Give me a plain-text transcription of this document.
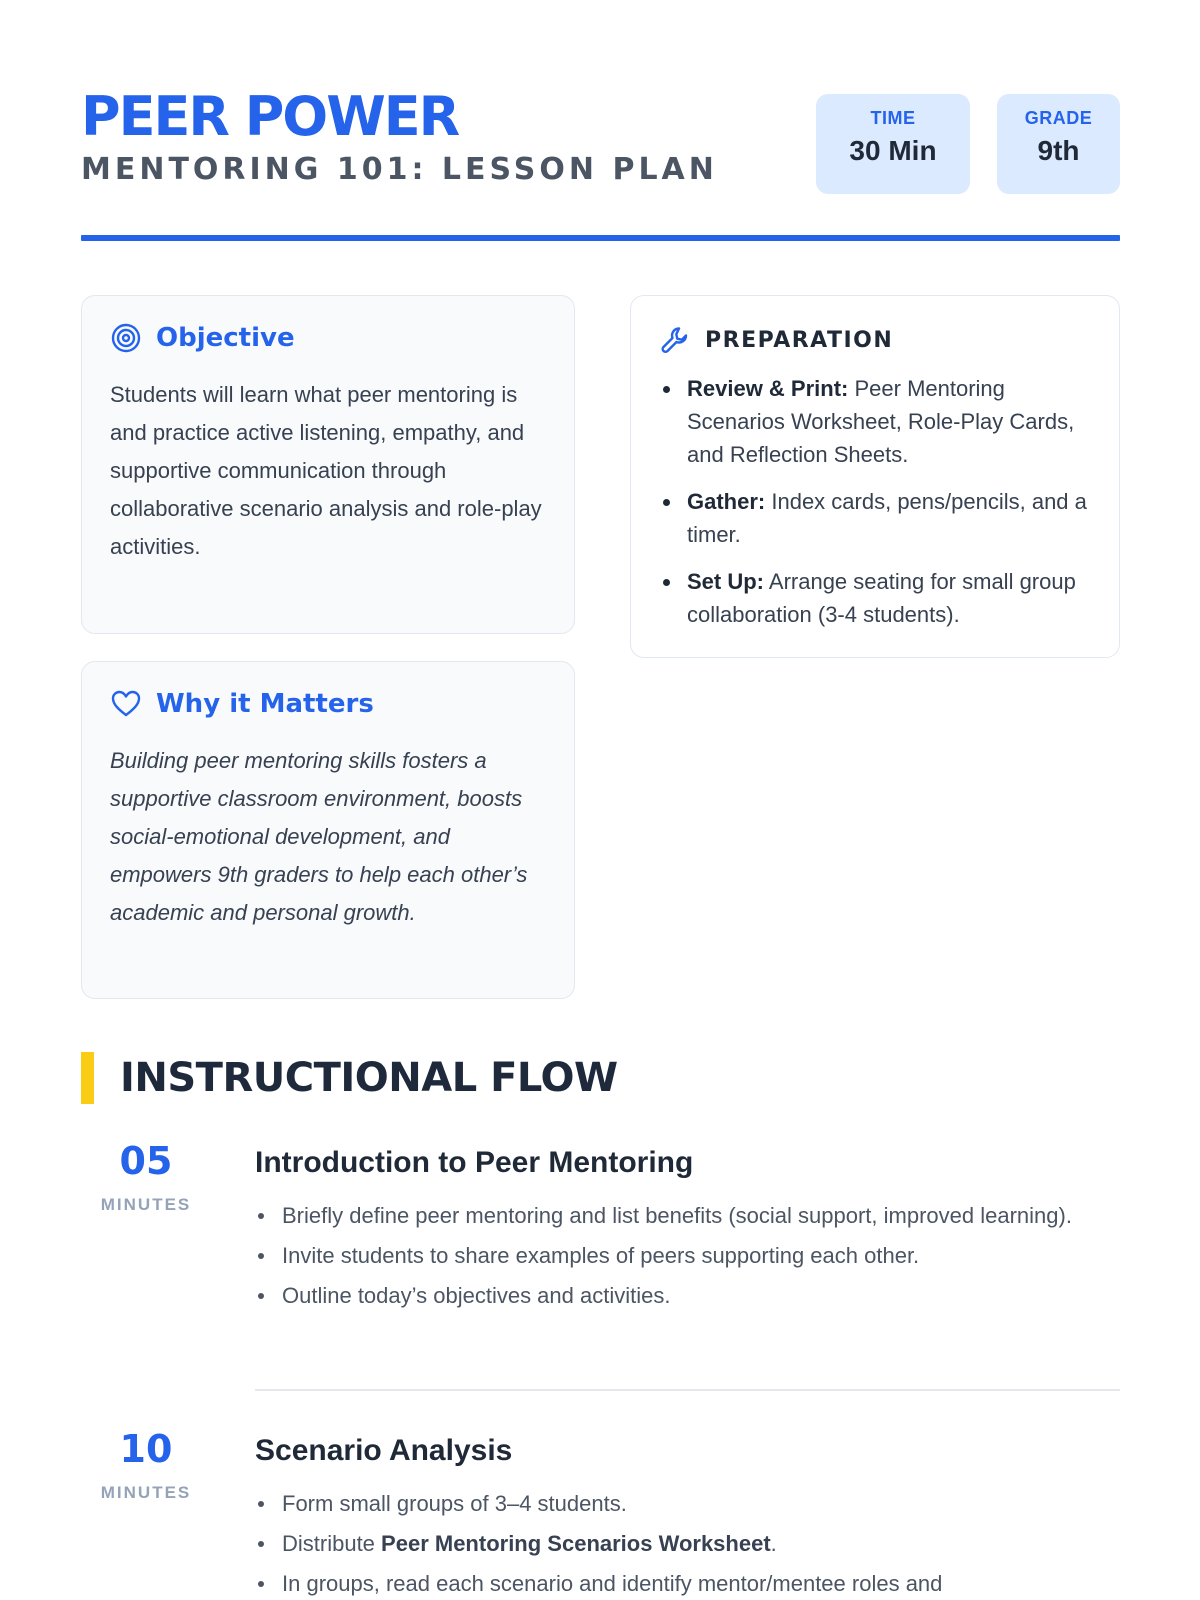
PEER POWER
MENTORING 101: LESSON PLAN
TIME
30 Min
GRADE
9th
Objective
Students will learn what peer mentoring is and practice active listening, empathy, and supportive communication through collaborative scenario analysis and role-play activities.
Why it Matters
Building peer mentoring skills fosters a supportive classroom environment, boosts social-emotional development, and empowers 9th graders to help each other’s academic and personal growth.
PREPARATION
Review & Print: Peer Mentoring Scenarios Worksheet, Role-Play Cards, and Reflection Sheets.
Gather: Index cards, pens/pencils, and a timer.
Set Up: Arrange seating for small group collaboration (3-4 students).
INSTRUCTIONAL FLOW
05
MINUTES
Introduction to Peer Mentoring
Briefly define peer mentoring and list benefits (social support, improved learning).
Invite students to share examples of peers supporting each other.
Outline today’s objectives and activities.
10
MINUTES
Scenario Analysis
Form small groups of 3–4 students.
Distribute Peer Mentoring Scenarios Worksheet.
In groups, read each scenario and identify mentor/mentee roles and
